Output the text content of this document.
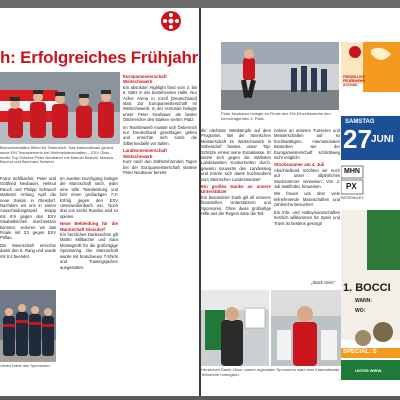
h: Erfolgreiches Frühjahr
Bronzemedailles Silber für Österreich: Das Nationalteam gleicht seine EM-Teamsiemerin bei Weltmeisterschaften – ESV Gleis-dorfer Top-Schütze Peter Neubauer mit Manuel Belschl, Markus Bischof und Bernhard Neberer.

Franz Zehlbacher, Peter und Gottfried Neubauer, Helmut Rauch und Philipp Schwarzl starteten Anfang April die neue Saison in Gleisdorf. Nachdem wir uns in einem Ausscheidungsspiel knapp mit 8:9 gegen den ESV Sinabelkirchen durchsetzen konnten, verloren wir das Finale mit 3:2 gegen ESV Pöllau.

Die Mannschaft erreichte damit den 5. Rang und wurde mit 6:4 beendet.

Vielen Dank den Sponsoren.

Im zweiten Durchgang belegte die Mannschaft nach, jeder eine tolle Teamleistung und fuhr einen großartigen 7:3-Erfolg gegen den ESV Unterweißenbach ein. Noch drei von sechs Runden sind zu spielen.

Neue Bekleidung für die Mannschaft Gleisdorf

Ein herzliches Dankeschön gilt Martin Millbacher und Sara Montagnolli für die großzügige Sponsoring. Die Mannschaft wurde mit brandneuen T-Shirts und Trainingsjacken ausgestattet.

Europameisterschaft Weitschewerb

Ein absoluter Highlight fand vom 3. bis 6. März in der bestehenden Halle. Nur Acher Arena in Inzell (Deutschland) statt. Zur Europameisterschaft im Weitschewerb. In der Vorrunde belegte unser Peter Neubauer als bester Österreicher den starken vierten Platz.

Im Teambewerb musste sich Österreich nur Deutschland geschlagen geben und erreichte sich somit die Silbermedaille vor Italien.

Landesmeisterschaft Weitschewerb

Kurz nach den kräftezehrenden Tagen bei der Europameisterschaft startete Peter Neubauer bereits

Peter Neubauer belegte im Finale des EM-Einzelbewerbs den hervorragenden 4. Platz.

die nächsten Wettkämpfe auf dem Programm. Bei der Steirischen Meisterschaft im Weitschewerb in Söbersdorf bewies unser Top-Schütze erneut seine Extraklasse. Er setzte sich gegen die stärksten Landesweiten Konkurrenten durch, gewann souverän den Landessieg und krönte sich damit hochverdient zum Steirischen Landesmeister!

Ein großes Danke an unsere Unterstützer

Ein besonderer Dank gilt all unseren finanziellen Unterstützern und Sponsoren. Ohne diese großartige Hilfe aus der Region wäre die Teil-

nahme an unseren Turnieren und Meisterschaften auf so hochkarätigem, internationalen Bewerben wie der Europameisterschaft schlichtweg nicht möglich!

Stocksommer am 4. Juli

Abschließend möchten wir noch auf unser alljährliches Stocksommer verweisen: Von 4. Juli stattfindet, hinweisen.

Wir freuen uns über viele teilnehmende Mannschaften und zahlreiche Besucher!

Ein Info- und Hobbymannschaften herzlich willkommen für Speis und Trank ist bestens gesorgt!

„Stock Gleis"
Herzlichen Dank! Ohne unsere regionalen Sponsoren wäre eine internationale Teilnahme unmöglich.
FREIWILLIGE FEUERWEHR ASCHAU
SAMSTAG
27 JUNI
MHN
PX
PATRON•LEX
1. BOCCI
WANN:
WO:
SPECIAL: S
UNTER WWW.
